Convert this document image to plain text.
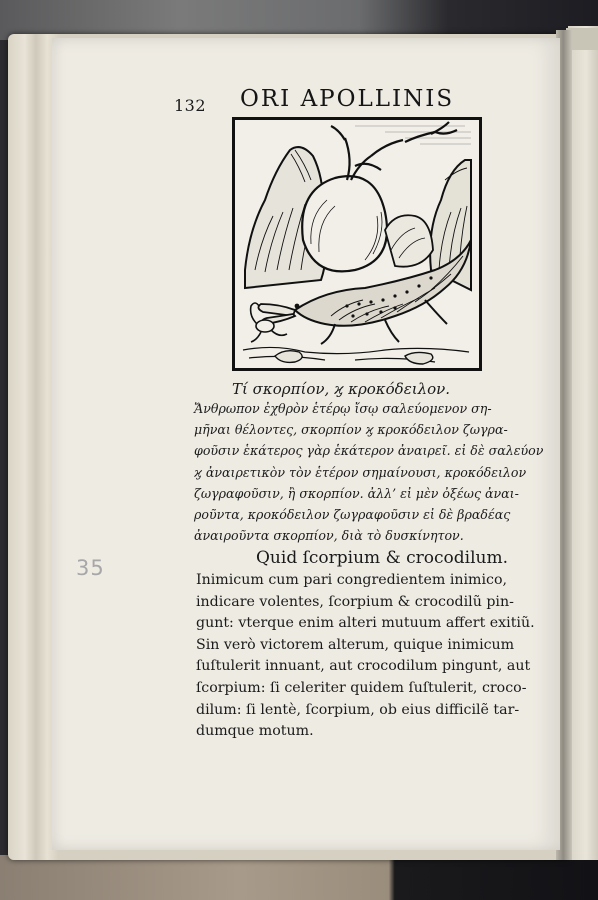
132 ORI APOLLINIS
Τί σκορπίον, ϗ κροκόδειλον.
Ἄνθρωπον ἐχθρὸν ἑτέρῳ ἴσῳ σαλεύομενον ση-
μῆναι θέλοντες, σκορπίον ϗ κροκόδειλον ζωγρα-
φοῦσιν ἑκάτερος γὰρ ἑκάτερον ἀναιρεῖ. εἰ δὲ σαλεύον
ϗ ἀναιρετικὸν τὸν ἑτέρον σημαίνουσι, κροκόδειλον
ζωγραφοῦσιν, ἢ σκορπίον. ἀλλ’ εἰ μὲν ὀξέως ἀναι-
ροῦντα, κροκόδειλον ζωγραφοῦσιν εἰ δὲ βραδέας
ἀναιροῦντα σκορπίον, διὰ τὸ δυσκίνητον.
Quid ſcorpium & crocodilum.
Inimicum cum pari congredientem inimico,
indicare volentes, ſcorpium & crocodilũ pin-
gunt: vterque enim alteri mutuum affert exitiũ.
Sin verò victorem alterum, quique inimicum
ſuſtulerit innuant, aut crocodilum pingunt, aut
ſcorpium: ſi celeriter quidem ſuſtulerit, croco-
dilum: ſi lentè, ſcorpium, ob eius difficilẽ tar-
dumque motum.
35
